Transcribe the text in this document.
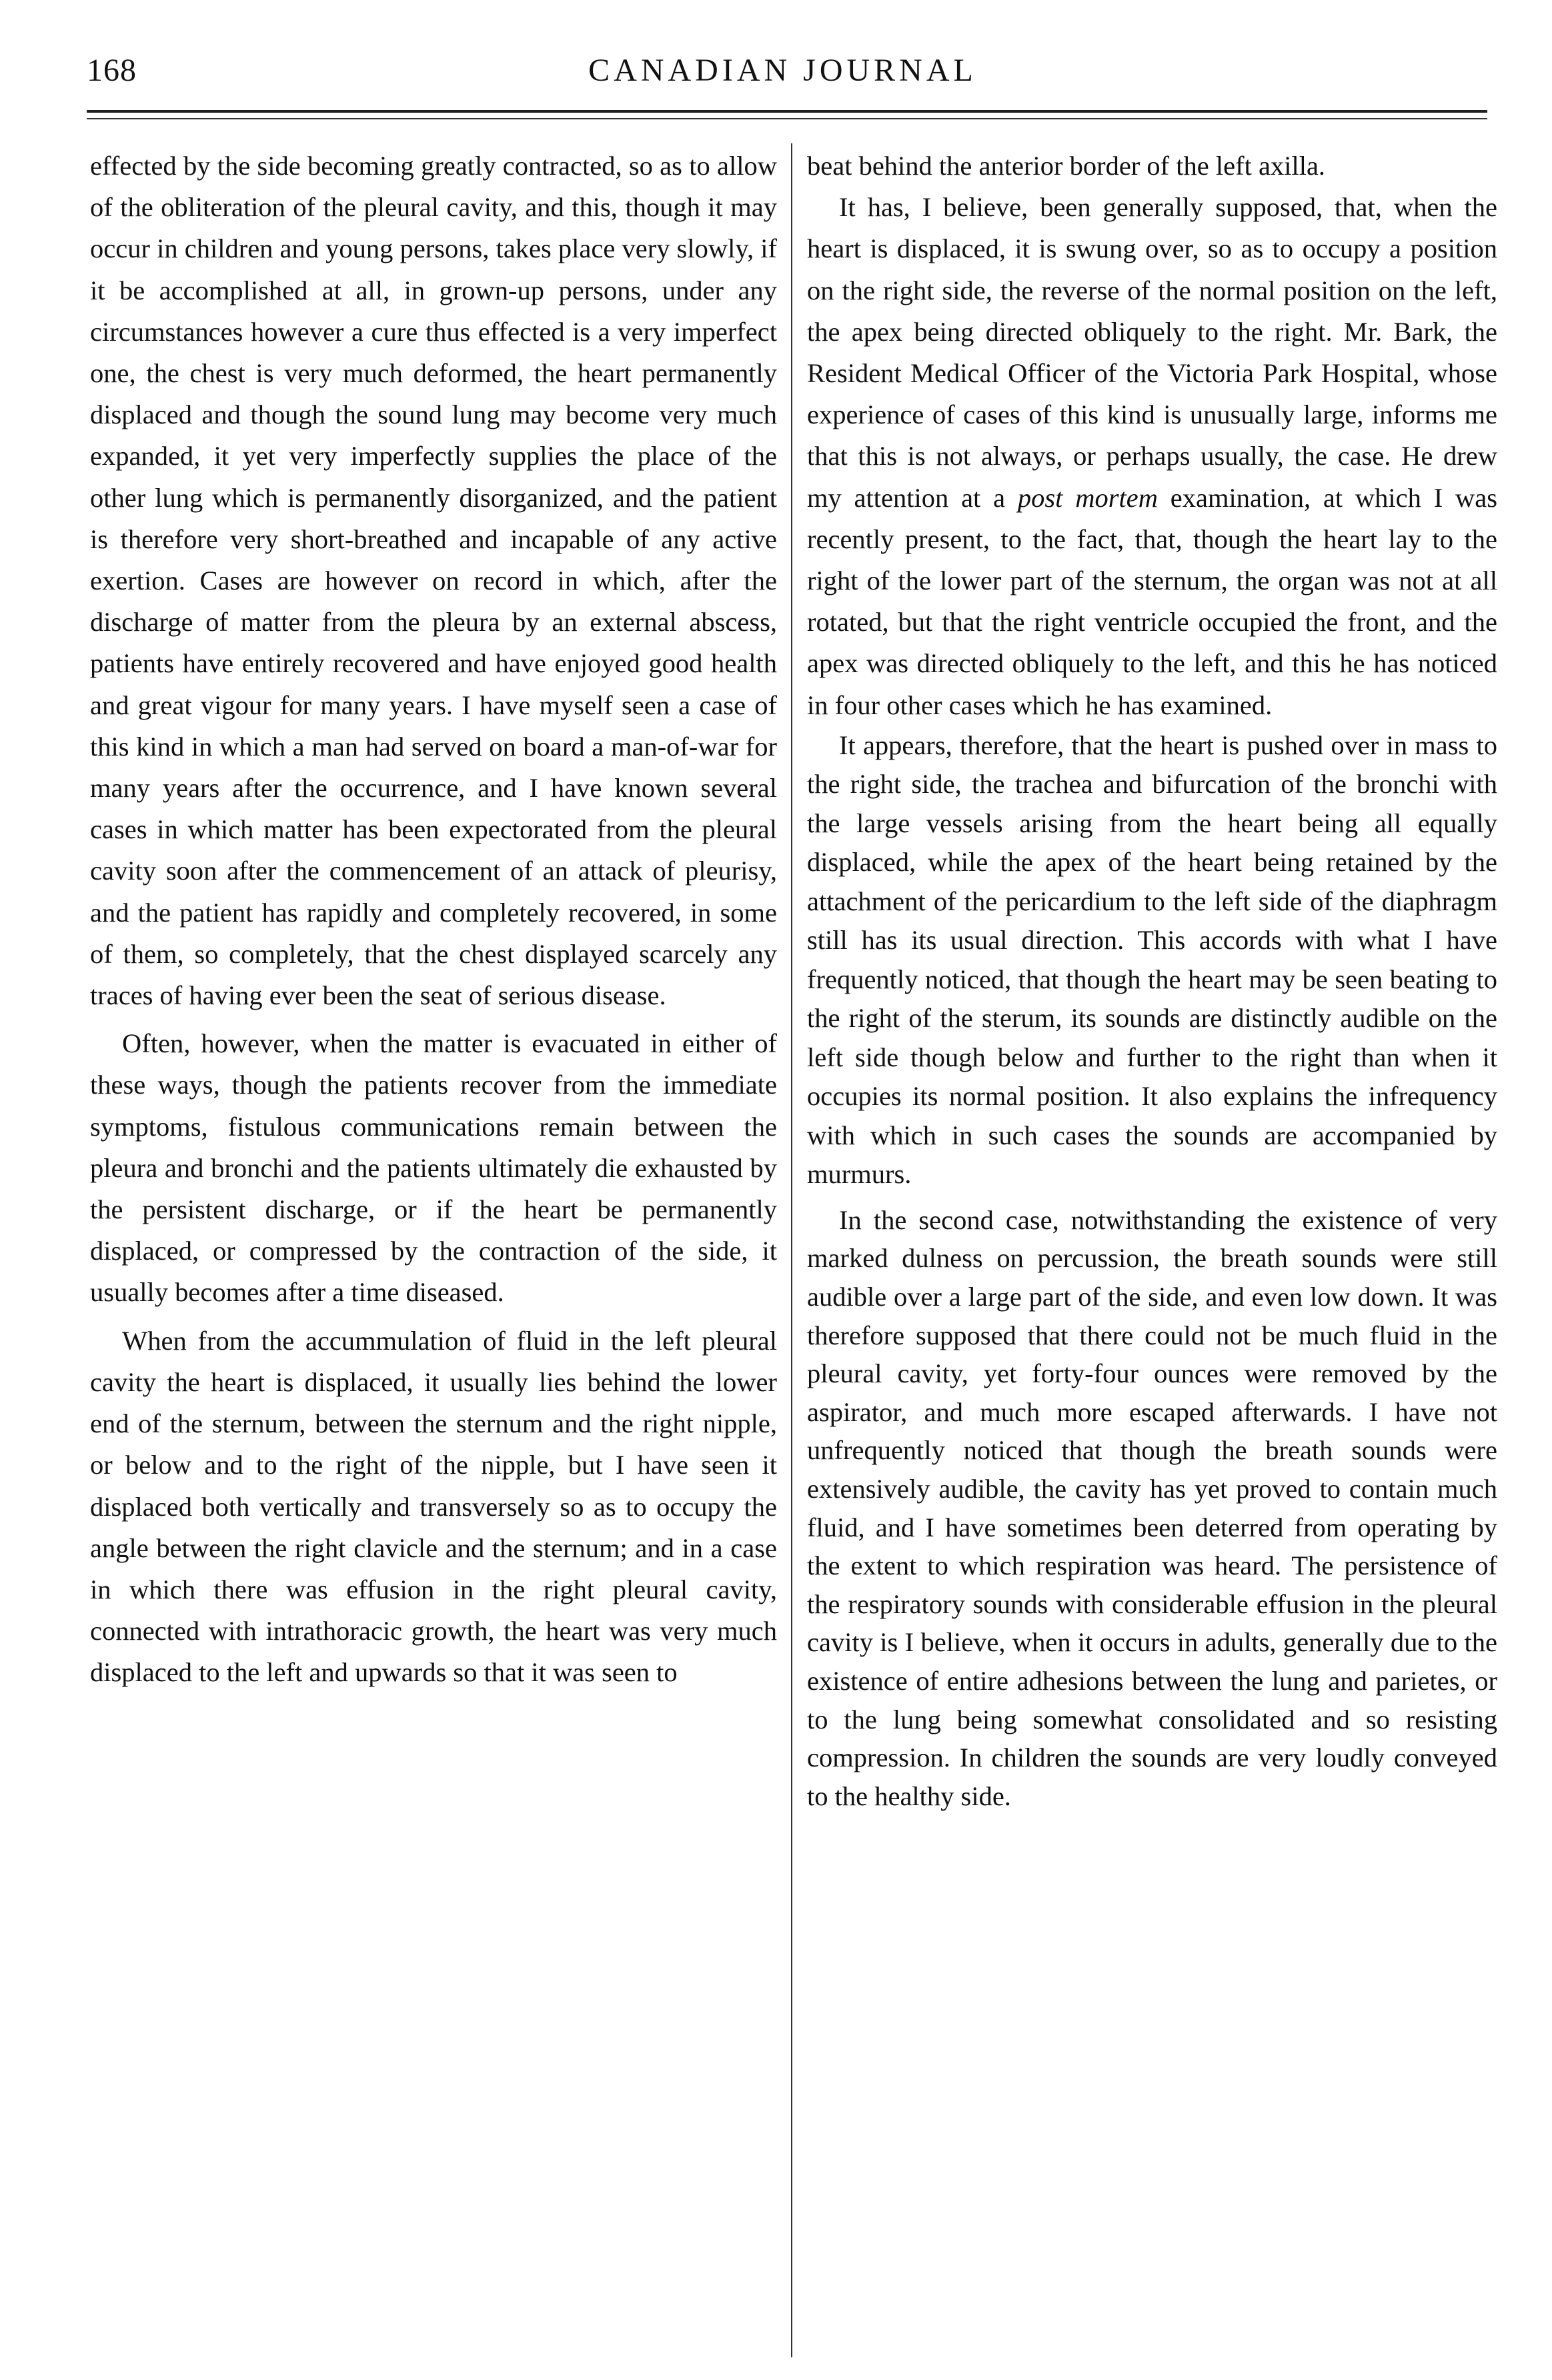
168	CANADIAN JOURNAL

effected by the side becoming greatly contracted, so as to allow of the obliteration of the pleural cavity, and this, though it may occur in children and young persons, takes place very slowly, if it be accomplished at all, in grown-up persons, under any circumstances however a cure thus effected is a very imperfect one, the chest is very much deformed, the heart permanently displaced and though the sound lung may become very much expanded, it yet very imperfectly supplies the place of the other lung which is permanently disorganized, and the patient is therefore very short-breathed and incapable of any active exertion. Cases are however on record in which, after the discharge of matter from the pleura by an external abscess, patients have entirely recovered and have enjoyed good health and great vigour for many years. I have myself seen a case of this kind in which a man had served on board a man-of-war for many years after the occurrence, and I have known several cases in which matter has been expectorated from the pleural cavity soon after the commencement of an attack of pleurisy, and the patient has rapidly and completely recovered, in some of them, so completely, that the chest displayed scarcely any traces of having ever been the seat of serious disease.

Often, however, when the matter is evacuated in either of these ways, though the patients recover from the immediate symptoms, fistulous communications remain between the pleura and bronchi and the patients ultimately die exhausted by the persistent discharge, or if the heart be permanently displaced, or compressed by the contraction of the side, it usually becomes after a time diseased.

When from the accummulation of fluid in the left pleural cavity the heart is displaced, it usually lies behind the lower end of the sternum, between the sternum and the right nipple, or below and to the right of the nipple, but I have seen it displaced both vertically and transversely so as to occupy the angle between the right clavicle and the sternum; and in a case in which there was effusion in the right pleural cavity, connected with intrathoracic growth, the heart was very much displaced to the left and upwards so that it was seen to

beat behind the anterior border of the left axilla.

It has, I believe, been generally supposed, that, when the heart is displaced, it is swung over, so as to occupy a position on the right side, the reverse of the normal position on the left, the apex being directed obliquely to the right. Mr. Bark, the Resident Medical Officer of the Victoria Park Hospital, whose experience of cases of this kind is unusually large, informs me that this is not always, or perhaps usually, the case. He drew my attention at a post mortem examination, at which I was recently present, to the fact, that, though the heart lay to the right of the lower part of the sternum, the organ was not at all rotated, but that the right ventricle occupied the front, and the apex was directed obliquely to the left, and this he has noticed in four other cases which he has examined.

It appears, therefore, that the heart is pushed over in mass to the right side, the trachea and bifurcation of the bronchi with the large vessels arising from the heart being all equally displaced, while the apex of the heart being retained by the attachment of the pericardium to the left side of the diaphragm still has its usual direction. This accords with what I have frequently noticed, that though the heart may be seen beating to the right of the sterum, its sounds are distinctly audible on the left side though below and further to the right than when it occupies its normal position. It also explains the infrequency with which in such cases the sounds are accompanied by murmurs.

In the second case, notwithstanding the existence of very marked dulness on percussion, the breath sounds were still audible over a large part of the side, and even low down. It was therefore supposed that there could not be much fluid in the pleural cavity, yet forty-four ounces were removed by the aspirator, and much more escaped afterwards. I have not unfrequently noticed that though the breath sounds were extensively audible, the cavity has yet proved to contain much fluid, and I have sometimes been deterred from operating by the extent to which respiration was heard. The persistence of the respiratory sounds with considerable effusion in the pleural cavity is I believe, when it occurs in adults, generally due to the existence of entire adhesions between the lung and parietes, or to the lung being somewhat consolidated and so resisting compression. In children the sounds are very loudly conveyed to the healthy side.
